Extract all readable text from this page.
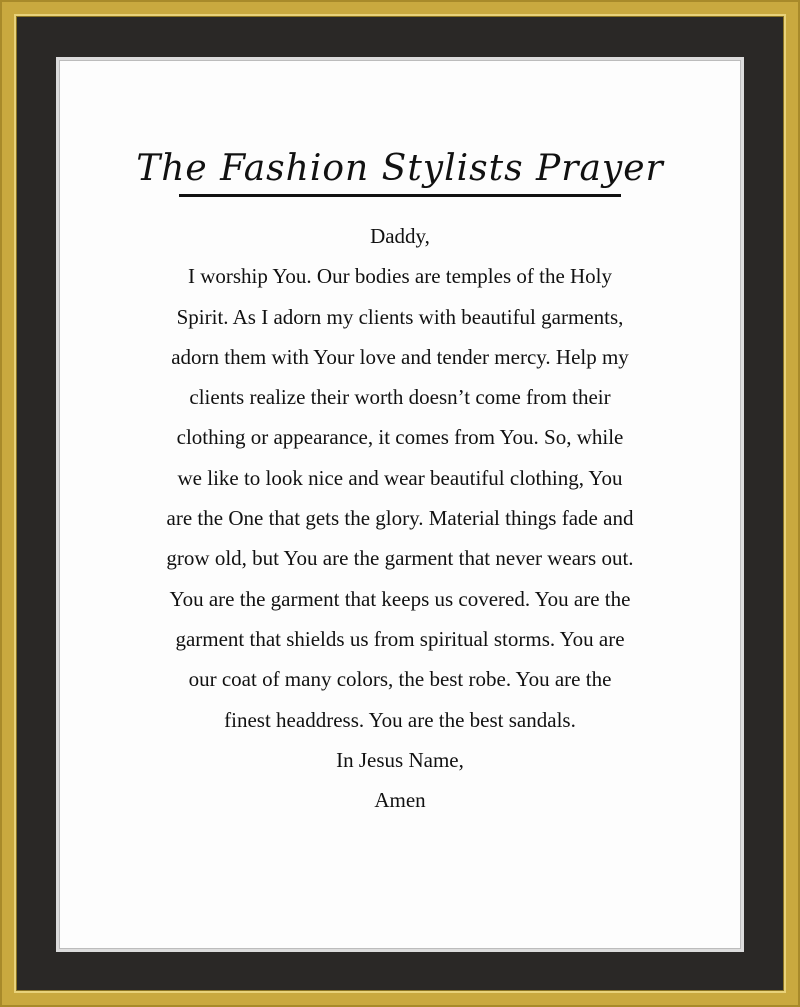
The Fashion Stylists Prayer
Daddy,
I worship You. Our bodies are temples of the Holy
Spirit. As I adorn my clients with beautiful garments,
adorn them with Your love and tender mercy. Help my
clients realize their worth doesn’t come from their
clothing or appearance, it comes from You. So, while
we like to look nice and wear beautiful clothing, You
are the One that gets the glory. Material things fade and
grow old, but You are the garment that never wears out.
You are the garment that keeps us covered. You are the
garment that shields us from spiritual storms. You are
our coat of many colors, the best robe. You are the
finest headdress. You are the best sandals.
In Jesus Name,
Amen
